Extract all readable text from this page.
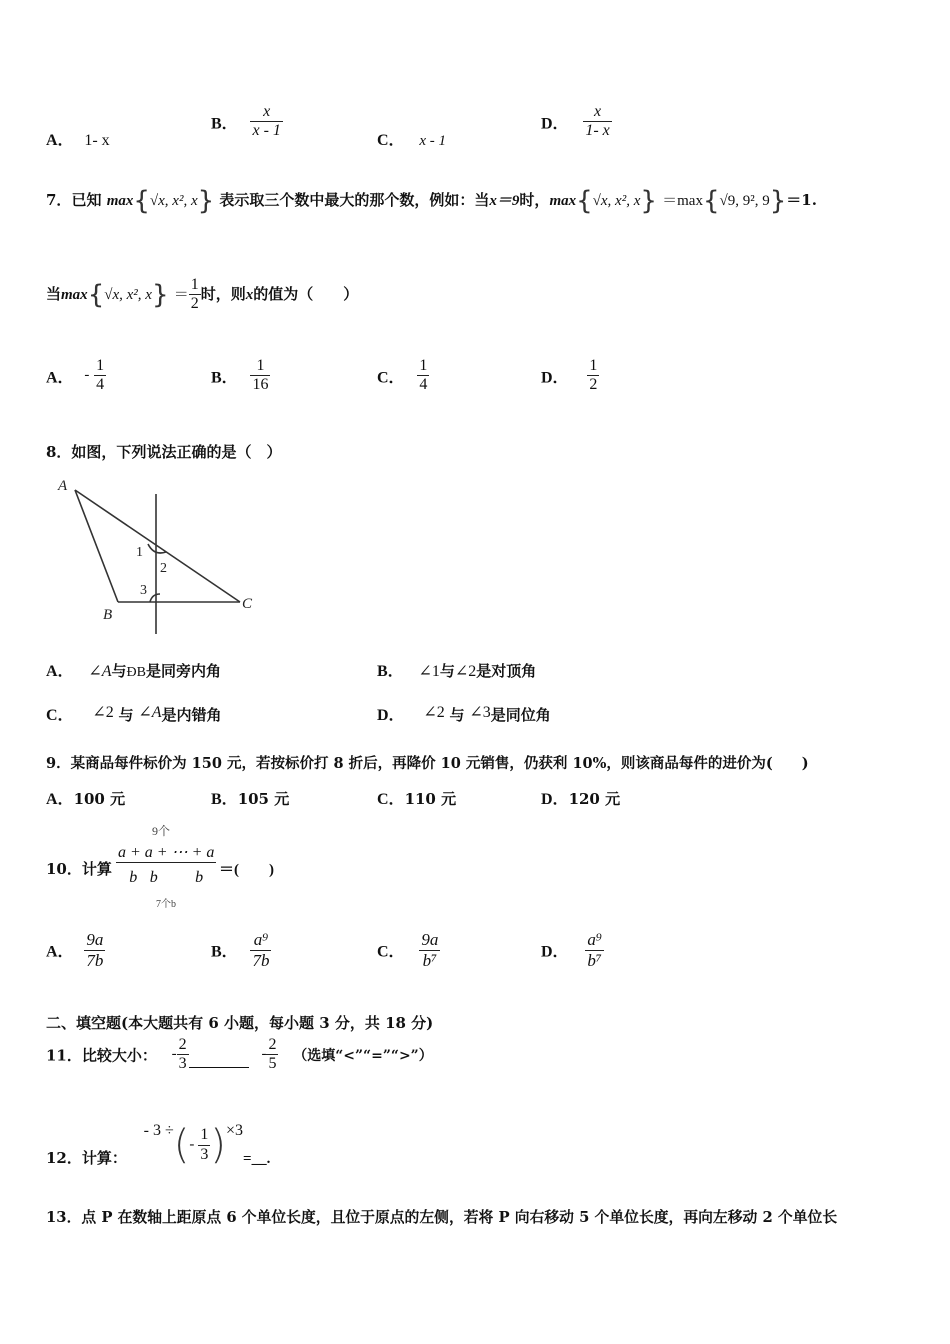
A． 1- x
B． $\frac{x}{x - 1}$	C． x - 1
D． $\frac{x}{1- x}$
7．已知 max{√x, x², x} 表示取三个数中最大的那个数，例如：当x＝9时，max{√x, x², x} ＝max{√9, 9², 9}＝1.
当max{√x, x², $x\} = \frac{1}{2}$ 时，则x的值为（　　）
A． - $\frac{1}{4}$	B． $\frac{1}{16}$	C． $\frac{1}{4}$	D． $\frac{1}{2}$
8．如图，下列说法正确的是（　）
A
B
C
1
2
3
A． ∠A与ÐB是同旁内角	B． ∠1与∠2是对顶角
C． ∠2 与 ∠A是内错角	D． ∠2 与 ∠3是同位角
9．某商品每件标价为 150 元，若按标价打 8 折后，再降价 10 元销售，仍获利 10%，则该商品每件的进价为(　　)
A．100 元	B．105 元	C．110 元	D．120 元
10．计算
􏰂 􏰃􏰄 9个􏰅 􏰆
$\frac{a + a + \cdots + a}{b􏰀b􏰀\cdots􏰀b}$
7个b
＝(　　)
A． $\frac{9a}{7b}$	B． $\frac{\text{a⁹}}{7b}$	C． $\frac{9a}{\text{b⁷}}$	D． $\frac{\text{a⁹}}{\text{b⁷}}$
二、填空题(本大题共有 6 小题，每小题 3 分，共 18 分)
11．比较大小： - $\frac{2}{3}$	- $\frac{2}{5}$ （选填“<”“=”“>”）
12．计算： - 3 ÷(- $\frac{1}{3}$ )×3=__.
13．点 P 在数轴上距原点 6 个单位长度，且位于原点的左侧，若将 P 向右移动 5 个单位长度，再向左移动 2 个单位长
